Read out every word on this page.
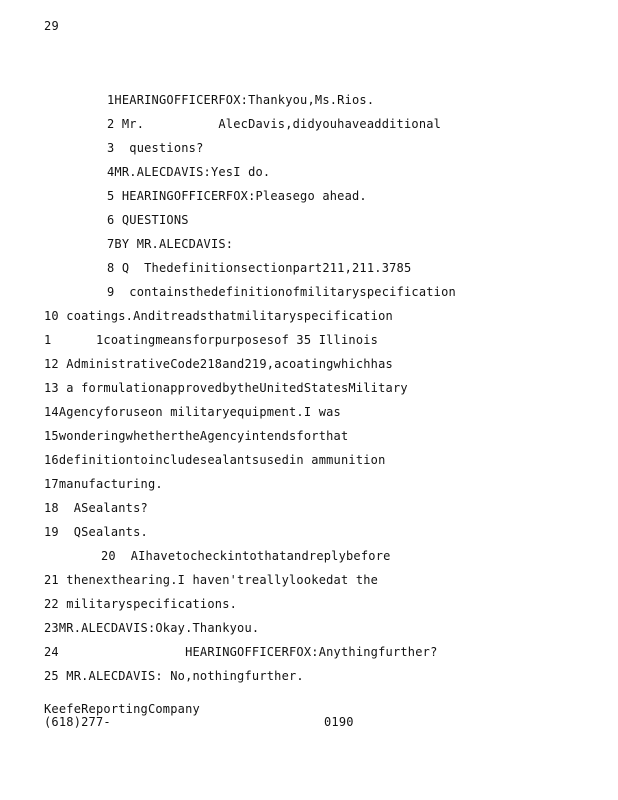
29
1HEARINGOFFICERFOX:Thankyou,Ms.Rios.
2 Mr.          AlecDavis,didyouhaveadditional
3  questions?
4MR.ALECDAVIS:YesI do.
5 HEARINGOFFICERFOX:Pleasego ahead.
6 QUESTIONS
7BY MR.ALECDAVIS:
8 Q  Thedefinitionsectionpart211,211.3785
9  containsthedefinitionofmilitaryspecification
10 coatings.Anditreadsthatmilitaryspecification
1      1coatingmeansforpurposesof 35 Illinois
12 AdministrativeCode218and219,acoatingwhichhas
13 a formulationapprovedbytheUnitedStatesMilitary
14Agencyforuseon militaryequipment.I was
15wonderingwhethertheAgencyintendsforthat
16definitiontoincludesealantsusedin ammunition
17manufacturing.
18  ASealants?
19  QSealants.
20  AIhavetocheckintothatandreplybefore
21 thenexthearing.I haven'treallylookedat the
22 militaryspecifications.
23MR.ALECDAVIS:Okay.Thankyou.
24                 HEARINGOFFICERFOX:Anythingfurther?
25 MR.ALECDAVIS: No,nothingfurther.
KeefeReportingCompany

(618)277-

	0190
